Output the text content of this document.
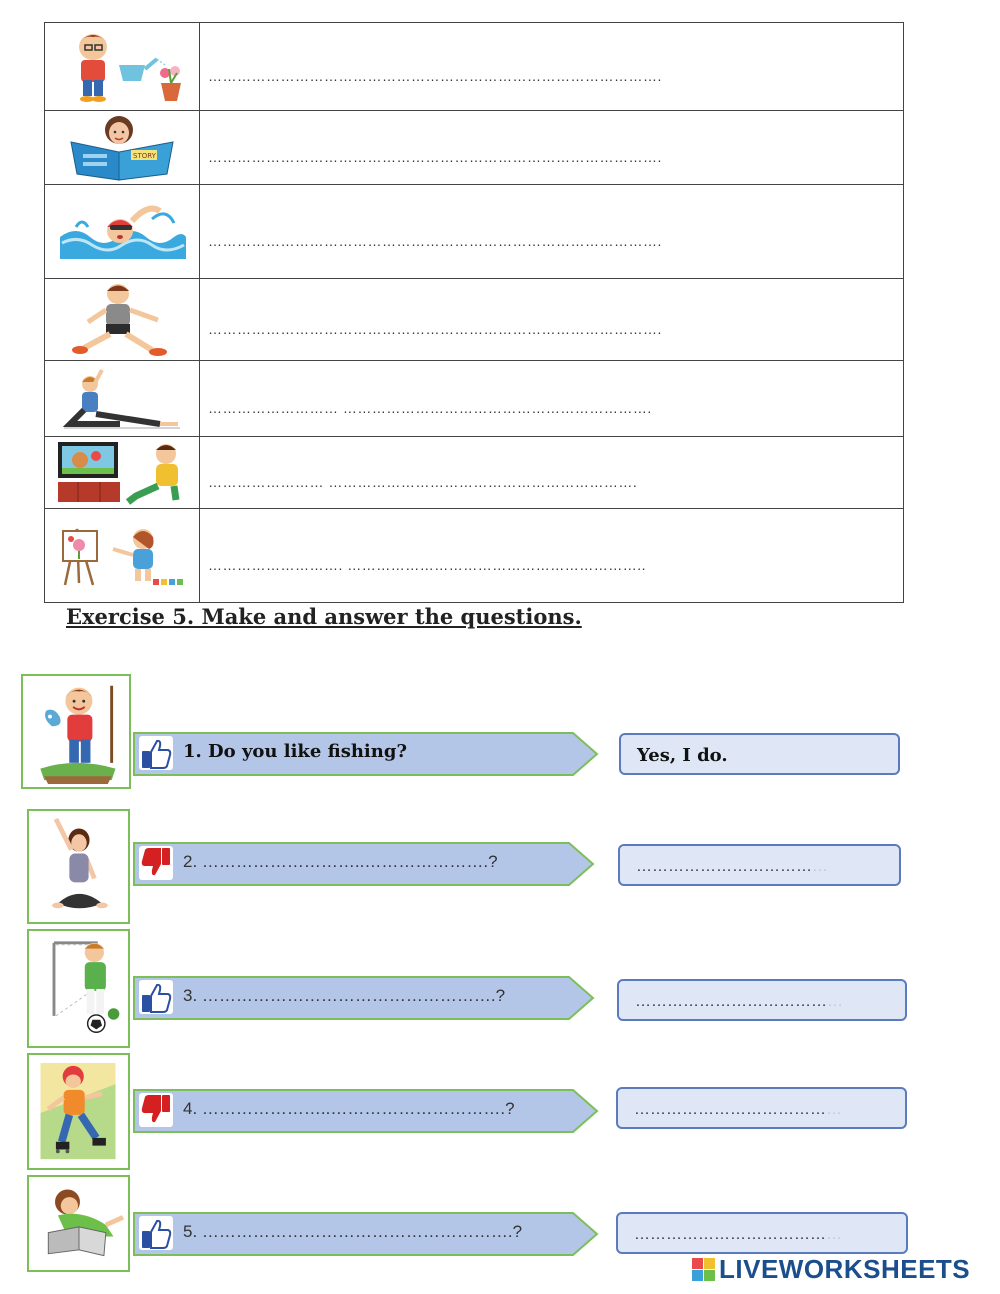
	………………………………………………………………………………….

STORY	………………………………………………………………………………….

	………………………………………………………………………………….

	………………………………………………………………………………….

	……………………… ……………………………………………………….

	…………………… ……………………………………………………….

	………………………. ……………………………………………………..
Exercise 5. Make and answer the questions.
1. Do you like fishing?	Yes, I do.
2. ………………………..………………….?	………………………………
3. …………………………………………….?	…………………………………
4. …………………..………………………….?	…………………………………
5. ……………………………………………….?	…………………………………
LIVEWORKSHEETS
